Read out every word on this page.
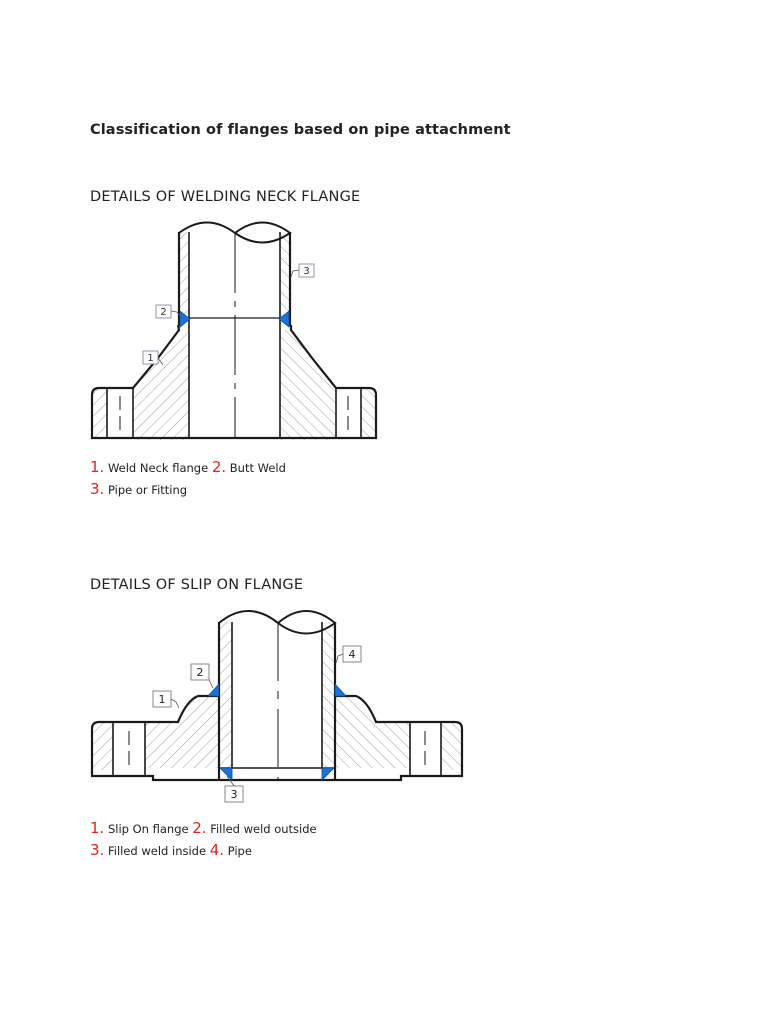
Classification of flanges based on pipe attachment
DETAILS OF WELDING NECK FLANGE
3
2
1
1. Weld Neck flange 2. Butt Weld
3. Pipe or Fitting
DETAILS OF SLIP ON FLANGE
4
2
1
3
1. Slip On flange 2. Filled weld outside
3. Filled weld inside 4. Pipe
